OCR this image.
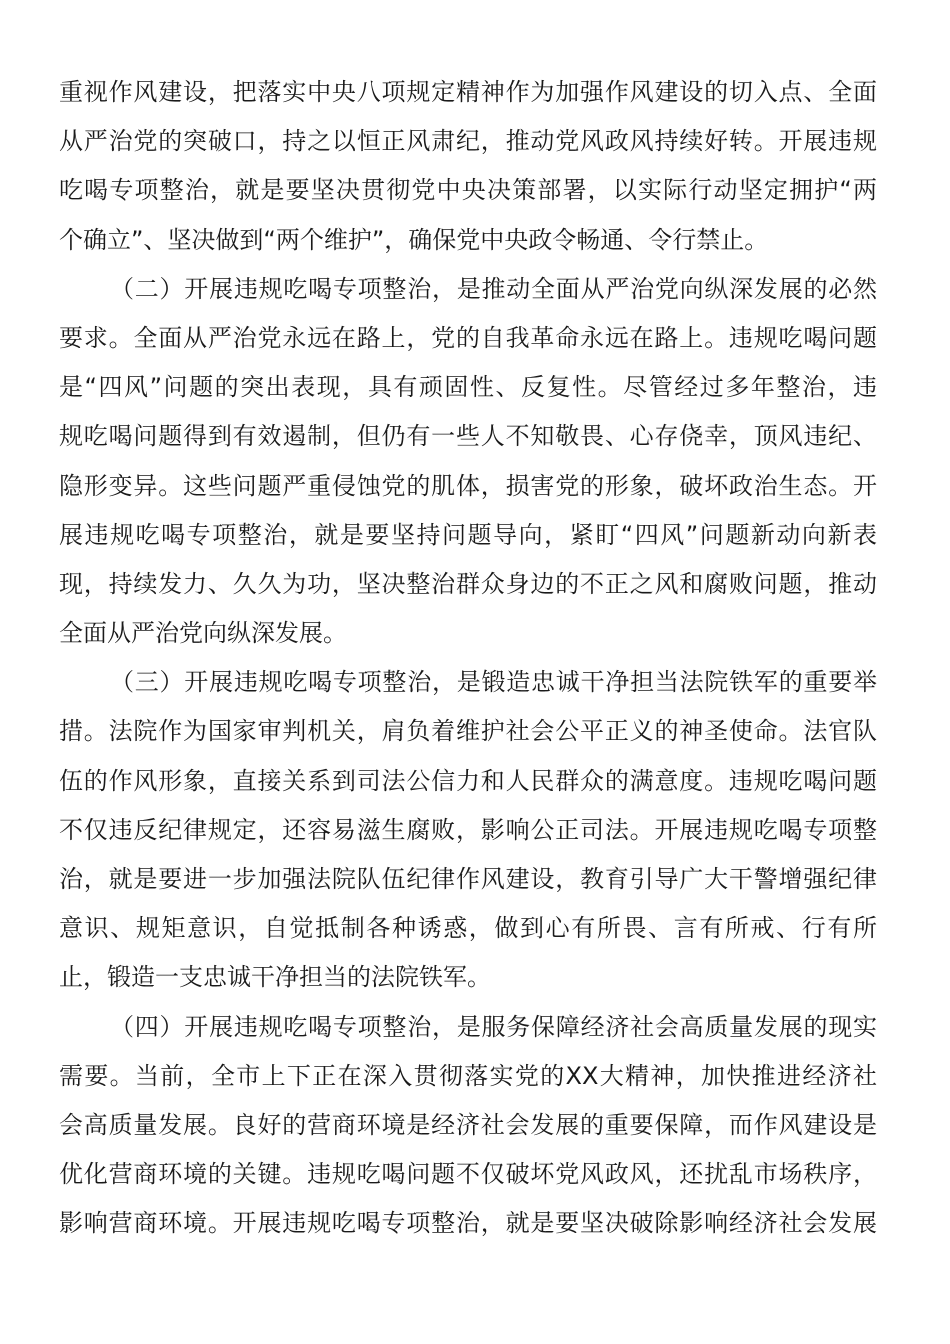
重视作风建设，把落实中央八项规定精神作为加强作风建设的切入点、全面
从严治党的突破口，持之以恒正风肃纪，推动党风政风持续好转。开展违规
吃喝专项整治，就是要坚决贯彻党中央决策部署，以实际行动坚定拥护“两
个确立”、坚决做到“两个维护”，确保党中央政令畅通、令行禁止。
（二）开展违规吃喝专项整治，是推动全面从严治党向纵深发展的必然
要求。全面从严治党永远在路上，党的自我革命永远在路上。违规吃喝问题
是“四风”问题的突出表现，具有顽固性、反复性。尽管经过多年整治，违
规吃喝问题得到有效遏制，但仍有一些人不知敬畏、心存侥幸，顶风违纪、
隐形变异。这些问题严重侵蚀党的肌体，损害党的形象，破坏政治生态。开
展违规吃喝专项整治，就是要坚持问题导向，紧盯“四风”问题新动向新表
现，持续发力、久久为功，坚决整治群众身边的不正之风和腐败问题，推动
全面从严治党向纵深发展。
（三）开展违规吃喝专项整治，是锻造忠诚干净担当法院铁军的重要举
措。法院作为国家审判机关，肩负着维护社会公平正义的神圣使命。法官队
伍的作风形象，直接关系到司法公信力和人民群众的满意度。违规吃喝问题
不仅违反纪律规定，还容易滋生腐败，影响公正司法。开展违规吃喝专项整
治，就是要进一步加强法院队伍纪律作风建设，教育引导广大干警增强纪律
意识、规矩意识，自觉抵制各种诱惑，做到心有所畏、言有所戒、行有所
止，锻造一支忠诚干净担当的法院铁军。
（四）开展违规吃喝专项整治，是服务保障经济社会高质量发展的现实
需要。当前，全市上下正在深入贯彻落实党的XX大精神，加快推进经济社
会高质量发展。良好的营商环境是经济社会发展的重要保障，而作风建设是
优化营商环境的关键。违规吃喝问题不仅破坏党风政风，还扰乱市场秩序，
影响营商环境。开展违规吃喝专项整治，就是要坚决破除影响经济社会发展
